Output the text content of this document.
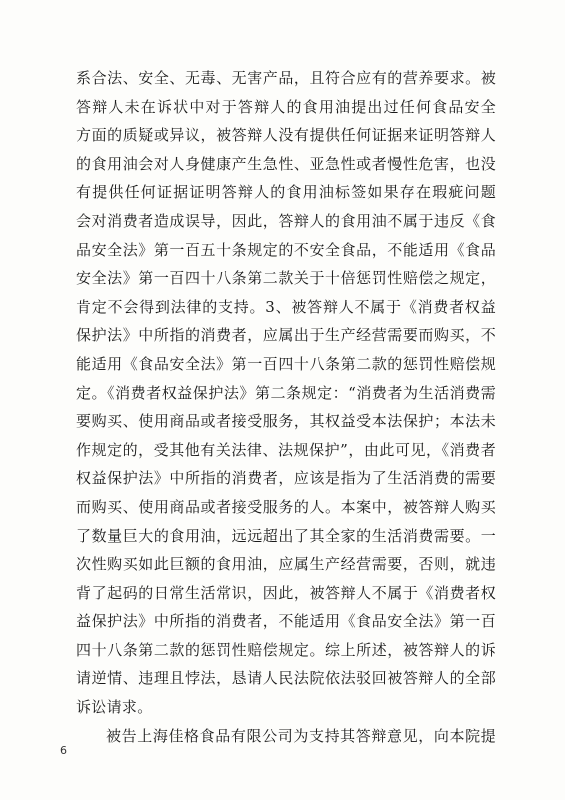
系合法、安全、无毒、无害产品，且符合应有的营养要求。被
答辩人未在诉状中对于答辩人的食用油提出过任何食品安全
方面的质疑或异议，被答辩人没有提供任何证据来证明答辩人
的食用油会对人身健康产生急性、亚急性或者慢性危害，也没
有提供任何证据证明答辩人的食用油标签如果存在瑕疵问题
会对消费者造成误导，因此，答辩人的食用油不属于违反《食
品安全法》第一百五十条规定的不安全食品，不能适用《食品
安全法》第一百四十八条第二款关于十倍惩罚性赔偿之规定，
肯定不会得到法律的支持。3、被答辩人不属于《消费者权益
保护法》中所指的消费者，应属出于生产经营需要而购买，不
能适用《食品安全法》第一百四十八条第二款的惩罚性赔偿规
定。《消费者权益保护法》第二条规定：“消费者为生活消费需
要购买、使用商品或者接受服务，其权益受本法保护；本法未
作规定的，受其他有关法律、法规保护”，由此可见，《消费者
权益保护法》中所指的消费者，应该是指为了生活消费的需要
而购买、使用商品或者接受服务的人。本案中，被答辩人购买
了数量巨大的食用油，远远超出了其全家的生活消费需要。一
次性购买如此巨额的食用油，应属生产经营需要，否则，就违
背了起码的日常生活常识，因此，被答辩人不属于《消费者权
益保护法》中所指的消费者，不能适用《食品安全法》第一百
四十八条第二款的惩罚性赔偿规定。综上所述，被答辩人的诉
请逆情、违理且悖法，恳请人民法院依法驳回被答辩人的全部
诉讼请求。
被告上海佳格食品有限公司为支持其答辩意见，向本院提
6
